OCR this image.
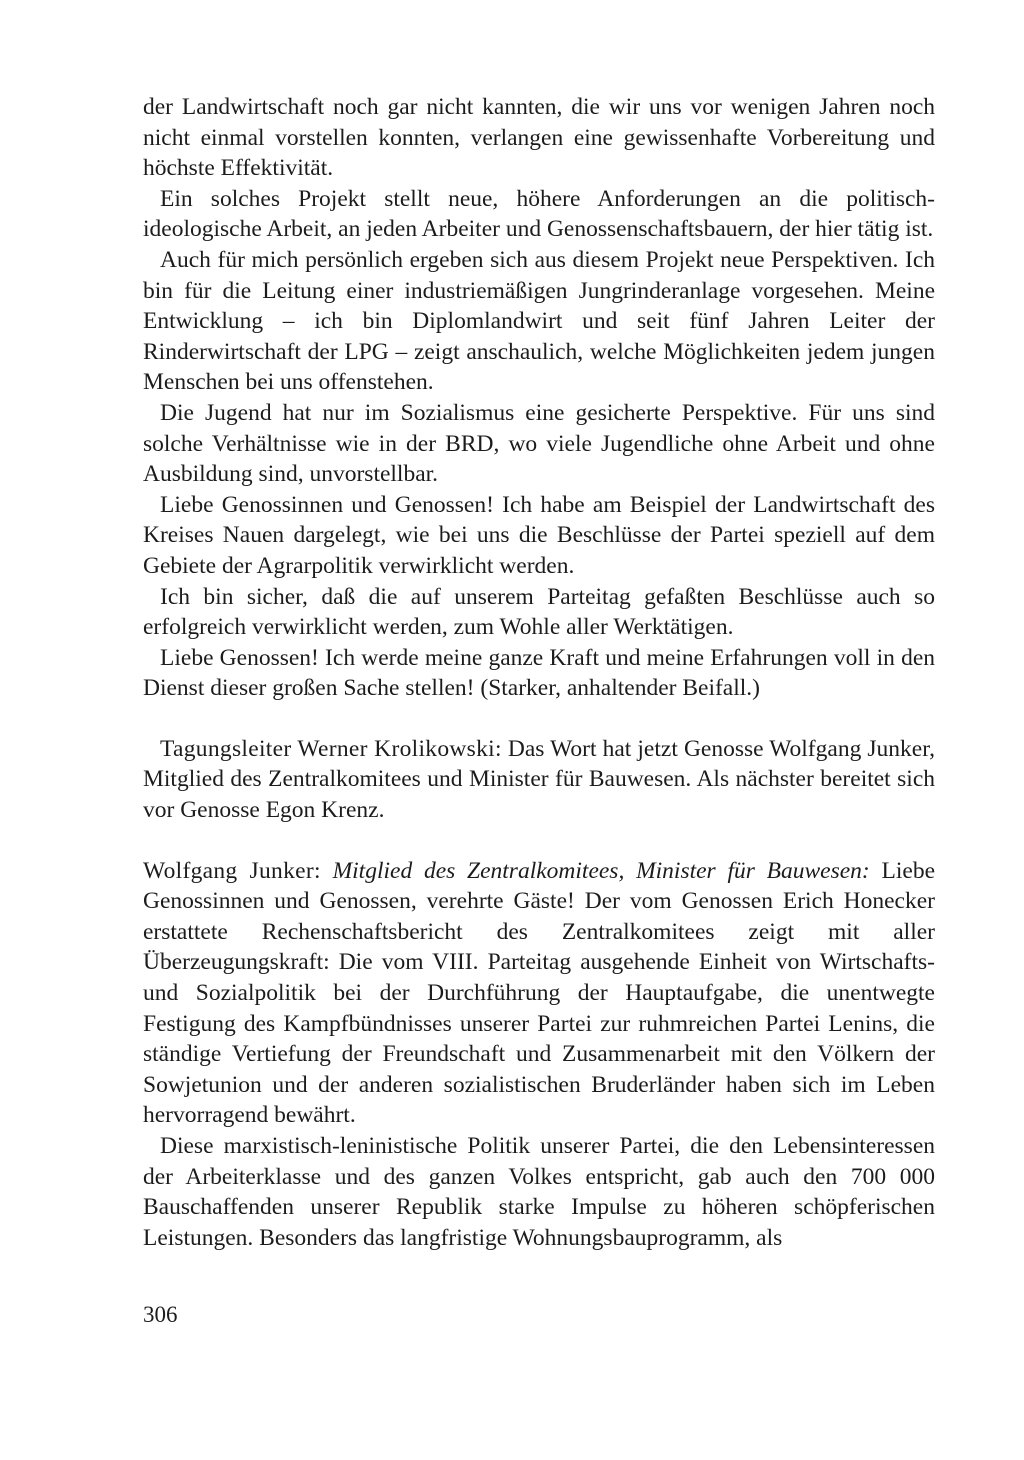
der Landwirtschaft noch gar nicht kannten, die wir uns vor wenigen Jahren noch nicht einmal vorstellen konnten, verlangen eine gewissenhafte Vorbereitung und höchste Effektivität.

Ein solches Projekt stellt neue, höhere Anforderungen an die politisch-ideologische Arbeit, an jeden Arbeiter und Genossenschaftsbauern, der hier tätig ist.

Auch für mich persönlich ergeben sich aus diesem Projekt neue Perspektiven. Ich bin für die Leitung einer industriemäßigen Jungrinderanlage vorgesehen. Meine Entwicklung – ich bin Diplomlandwirt und seit fünf Jahren Leiter der Rinderwirtschaft der LPG – zeigt anschaulich, welche Möglichkeiten jedem jungen Menschen bei uns offenstehen.

Die Jugend hat nur im Sozialismus eine gesicherte Perspektive. Für uns sind solche Verhältnisse wie in der BRD, wo viele Jugendliche ohne Arbeit und ohne Ausbildung sind, unvorstellbar.

Liebe Genossinnen und Genossen! Ich habe am Beispiel der Landwirtschaft des Kreises Nauen dargelegt, wie bei uns die Beschlüsse der Partei speziell auf dem Gebiete der Agrarpolitik verwirklicht werden.

Ich bin sicher, daß die auf unserem Parteitag gefaßten Beschlüsse auch so erfolgreich verwirklicht werden, zum Wohle aller Werktätigen.

Liebe Genossen! Ich werde meine ganze Kraft und meine Erfahrungen voll in den Dienst dieser großen Sache stellen! (Starker, anhaltender Beifall.)

Tagungsleiter Werner Krolikowski: Das Wort hat jetzt Genosse Wolfgang Junker, Mitglied des Zentralkomitees und Minister für Bauwesen. Als nächster bereitet sich vor Genosse Egon Krenz.

Wolfgang Junker: Mitglied des Zentralkomitees, Minister für Bauwesen: Liebe Genossinnen und Genossen, verehrte Gäste! Der vom Genossen Erich Honecker erstattete Rechenschaftsbericht des Zentralkomitees zeigt mit aller Überzeugungskraft: Die vom VIII. Parteitag ausgehende Einheit von Wirtschafts- und Sozialpolitik bei der Durchführung der Hauptaufgabe, die unentwegte Festigung des Kampfbündnisses unserer Partei zur ruhmreichen Partei Lenins, die ständige Vertiefung der Freundschaft und Zusammenarbeit mit den Völkern der Sowjetunion und der anderen sozialistischen Bruderländer haben sich im Leben hervorragend bewährt.

Diese marxistisch-leninistische Politik unserer Partei, die den Lebensinteressen der Arbeiterklasse und des ganzen Volkes entspricht, gab auch den 700 000 Bauschaffenden unserer Republik starke Impulse zu höheren schöpferischen Leistungen. Besonders das langfristige Wohnungsbauprogramm, als

306
